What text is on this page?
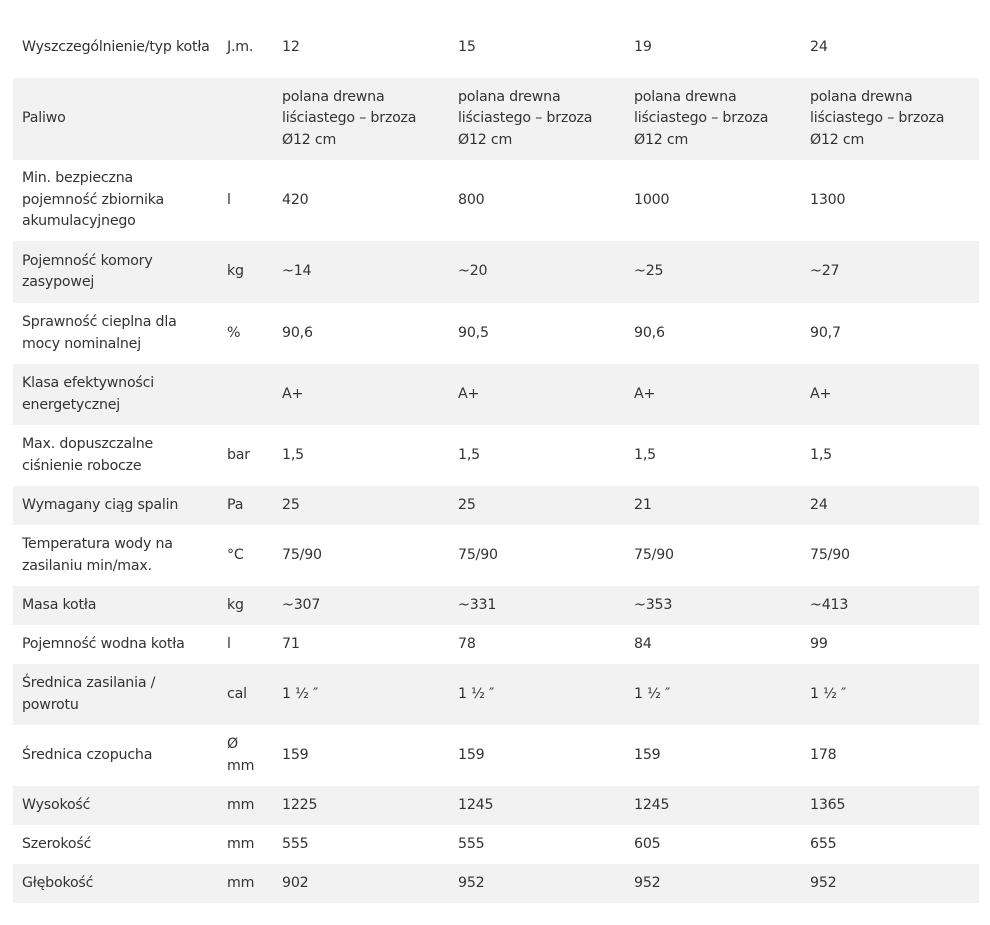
Wyszczególnienie/typ kotła	J.m.	12	15	19	24
Paliwo		polana drewna liściastego – brzoza Ø12 cm	polana drewna liściastego – brzoza Ø12 cm	polana drewna liściastego – brzoza Ø12 cm	polana drewna liściastego – brzoza Ø12 cm
Min. bezpieczna pojemność zbiornika akumulacyjnego	l	420	800	1000	1300
Pojemność komory zasypowej	kg	~14	~20	~25	~27
Sprawność cieplna dla mocy nominalnej	%	90,6	90,5	90,6	90,7
Klasa efektywności energetycznej		A+	A+	A+	A+
Max. dopuszczalne ciśnienie robocze	bar	1,5	1,5	1,5	1,5
Wymagany ciąg spalin	Pa	25	25	21	24
Temperatura wody na zasilaniu min/max.	°C	75/90	75/90	75/90	75/90
Masa kotła	kg	~307	~331	~353	~413
Pojemność wodna kotła	l	71	78	84	99
Średnica zasilania / powrotu	cal	1 ½ ″	1 ½ ″	1 ½ ″	1 ½ ″
Średnica czopucha	Ø mm	159	159	159	178
Wysokość	mm	1225	1245	1245	1365
Szerokość	mm	555	555	605	655
Głębokość	mm	902	952	952	952
